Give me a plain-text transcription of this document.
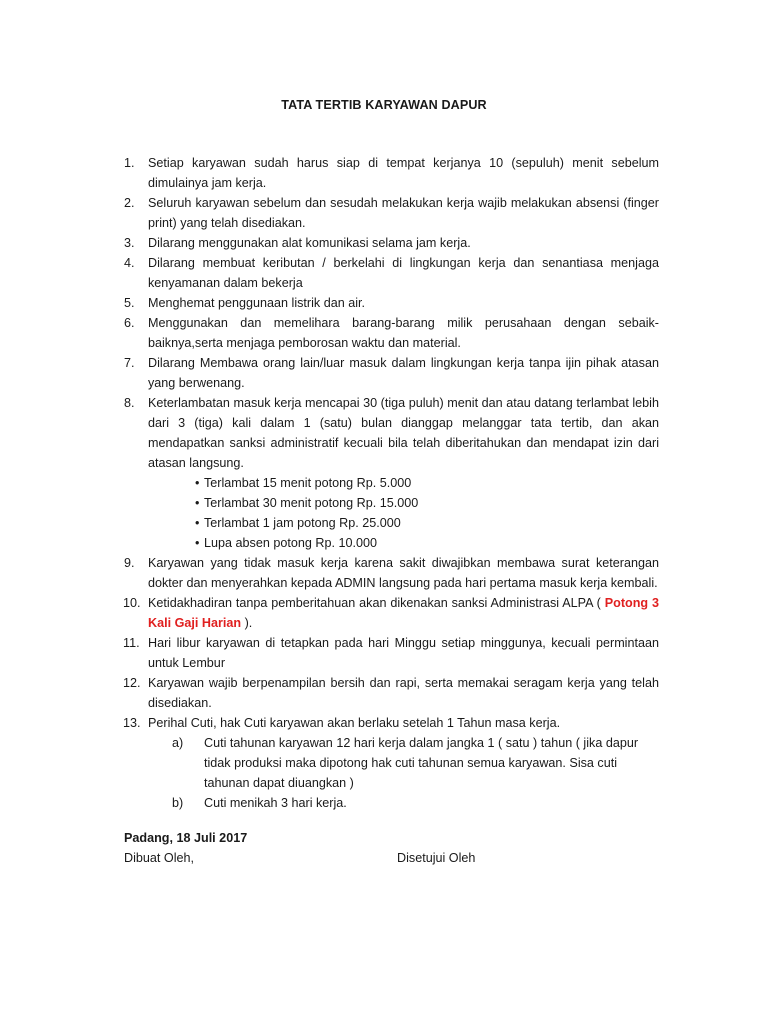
TATA TERTIB KARYAWAN DAPUR
1. Setiap karyawan sudah harus siap di tempat kerjanya 10 (sepuluh) menit sebelum dimulainya jam kerja.
2. Seluruh karyawan sebelum dan sesudah melakukan kerja wajib melakukan absensi (finger print) yang telah disediakan.
3. Dilarang menggunakan alat komunikasi selama jam kerja.
4. Dilarang membuat keributan / berkelahi di lingkungan kerja dan senantiasa menjaga kenyamanan dalam bekerja
5. Menghemat penggunaan listrik dan air.
6. Menggunakan dan memelihara barang-barang milik perusahaan dengan sebaik-baiknya,serta menjaga pemborosan waktu dan material.
7. Dilarang Membawa orang lain/luar masuk dalam lingkungan kerja tanpa ijin pihak atasan yang berwenang.
8. Keterlambatan masuk kerja mencapai 30 (tiga puluh) menit dan atau datang terlambat lebih dari 3 (tiga) kali dalam 1 (satu) bulan dianggap melanggar tata tertib, dan akan mendapatkan sanksi administratif kecuali bila telah diberitahukan dan mendapat izin dari atasan langsung.
• Terlambat 15 menit potong Rp. 5.000
• Terlambat 30 menit potong Rp. 15.000
• Terlambat 1 jam potong Rp. 25.000
• Lupa absen potong Rp. 10.000
9. Karyawan yang tidak masuk kerja karena sakit diwajibkan membawa surat keterangan dokter dan menyerahkan kepada ADMIN langsung pada hari pertama masuk kerja kembali.
10. Ketidakhadiran tanpa pemberitahuan akan dikenakan sanksi Administrasi ALPA ( Potong 3 Kali Gaji Harian ).
11. Hari libur karyawan di tetapkan pada hari Minggu setiap minggunya, kecuali permintaan untuk Lembur
12. Karyawan wajib berpenampilan bersih dan rapi, serta memakai seragam kerja yang telah disediakan.
13. Perihal Cuti, hak Cuti karyawan akan berlaku setelah 1 Tahun masa kerja.
a) Cuti tahunan karyawan 12 hari kerja dalam jangka 1 ( satu ) tahun ( jika dapur tidak produksi maka dipotong hak cuti tahunan semua karyawan. Sisa cuti tahunan dapat diuangkan )
b) Cuti menikah 3 hari kerja.
Padang, 18 Juli 2017
Dibuat Oleh,	Disetujui Oleh
